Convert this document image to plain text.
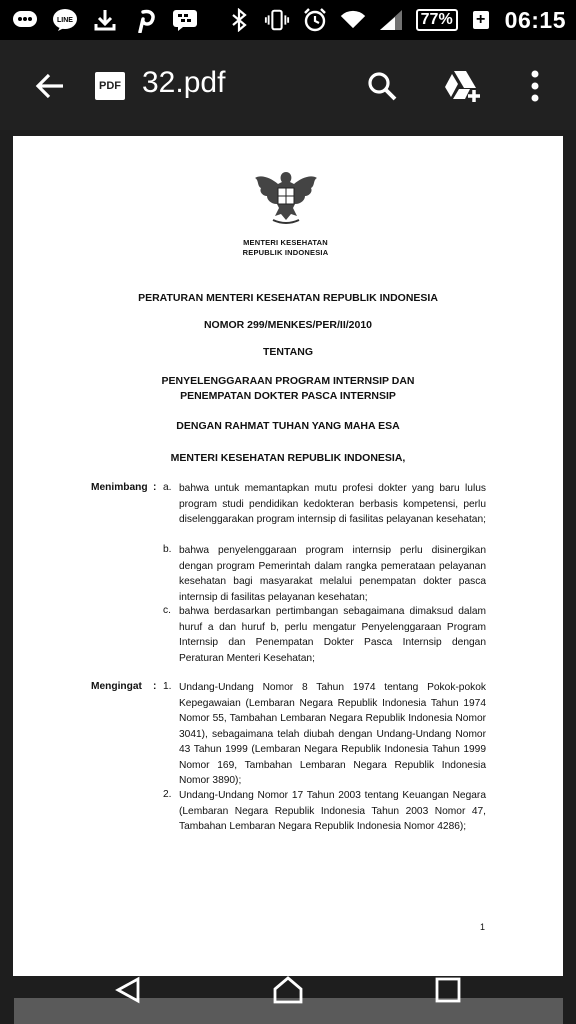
LINE	77% + 06:15
PDF 32.pdf
MENTERI KESEHATAN
REPUBLIK INDONESIA
PERATURAN MENTERI KESEHATAN REPUBLIK INDONESIA
NOMOR 299/MENKES/PER/II/2010
TENTANG
PENYELENGGARAAN PROGRAM INTERNSIP DAN
PENEMPATAN DOKTER PASCA INTERNSIP
DENGAN RAHMAT TUHAN YANG MAHA ESA
MENTERI KESEHATAN REPUBLIK INDONESIA,
Menimbang : a. bahwa untuk memantapkan mutu profesi dokter yang baru lulus program studi pendidikan kedokteran berbasis kompetensi, perlu diselenggarakan program internsip di fasilitas pelayanan kesehatan;

b. bahwa penyelenggaraan program internsip perlu disinergikan dengan program Pemerintah dalam rangka pemerataan pelayanan kesehatan bagi masyarakat melalui penempatan dokter pasca internsip di fasilitas pelayanan kesehatan;

c. bahwa berdasarkan pertimbangan sebagaimana dimaksud dalam huruf a dan huruf b, perlu mengatur Penyelenggaraan Program Internsip dan Penempatan Dokter Pasca Internsip dengan Peraturan Menteri Kesehatan;

Mengingat : 1. Undang-Undang Nomor 8 Tahun 1974 tentang Pokok-pokok Kepegawaian (Lembaran Negara Republik Indonesia Tahun 1974 Nomor 55, Tambahan Lembaran Negara Republik Indonesia Nomor 3041), sebagaimana telah diubah dengan Undang-Undang Nomor 43 Tahun 1999 (Lembaran Negara Republik Indonesia Tahun 1999 Nomor 169, Tambahan Lembaran Negara Republik Indonesia Nomor 3890);

2. Undang-Undang Nomor 17 Tahun 2003 tentang Keuangan Negara (Lembaran Negara Republik Indonesia Tahun 2003 Nomor 47, Tambahan Lembaran Negara Republik Indonesia Nomor 4286);

1
